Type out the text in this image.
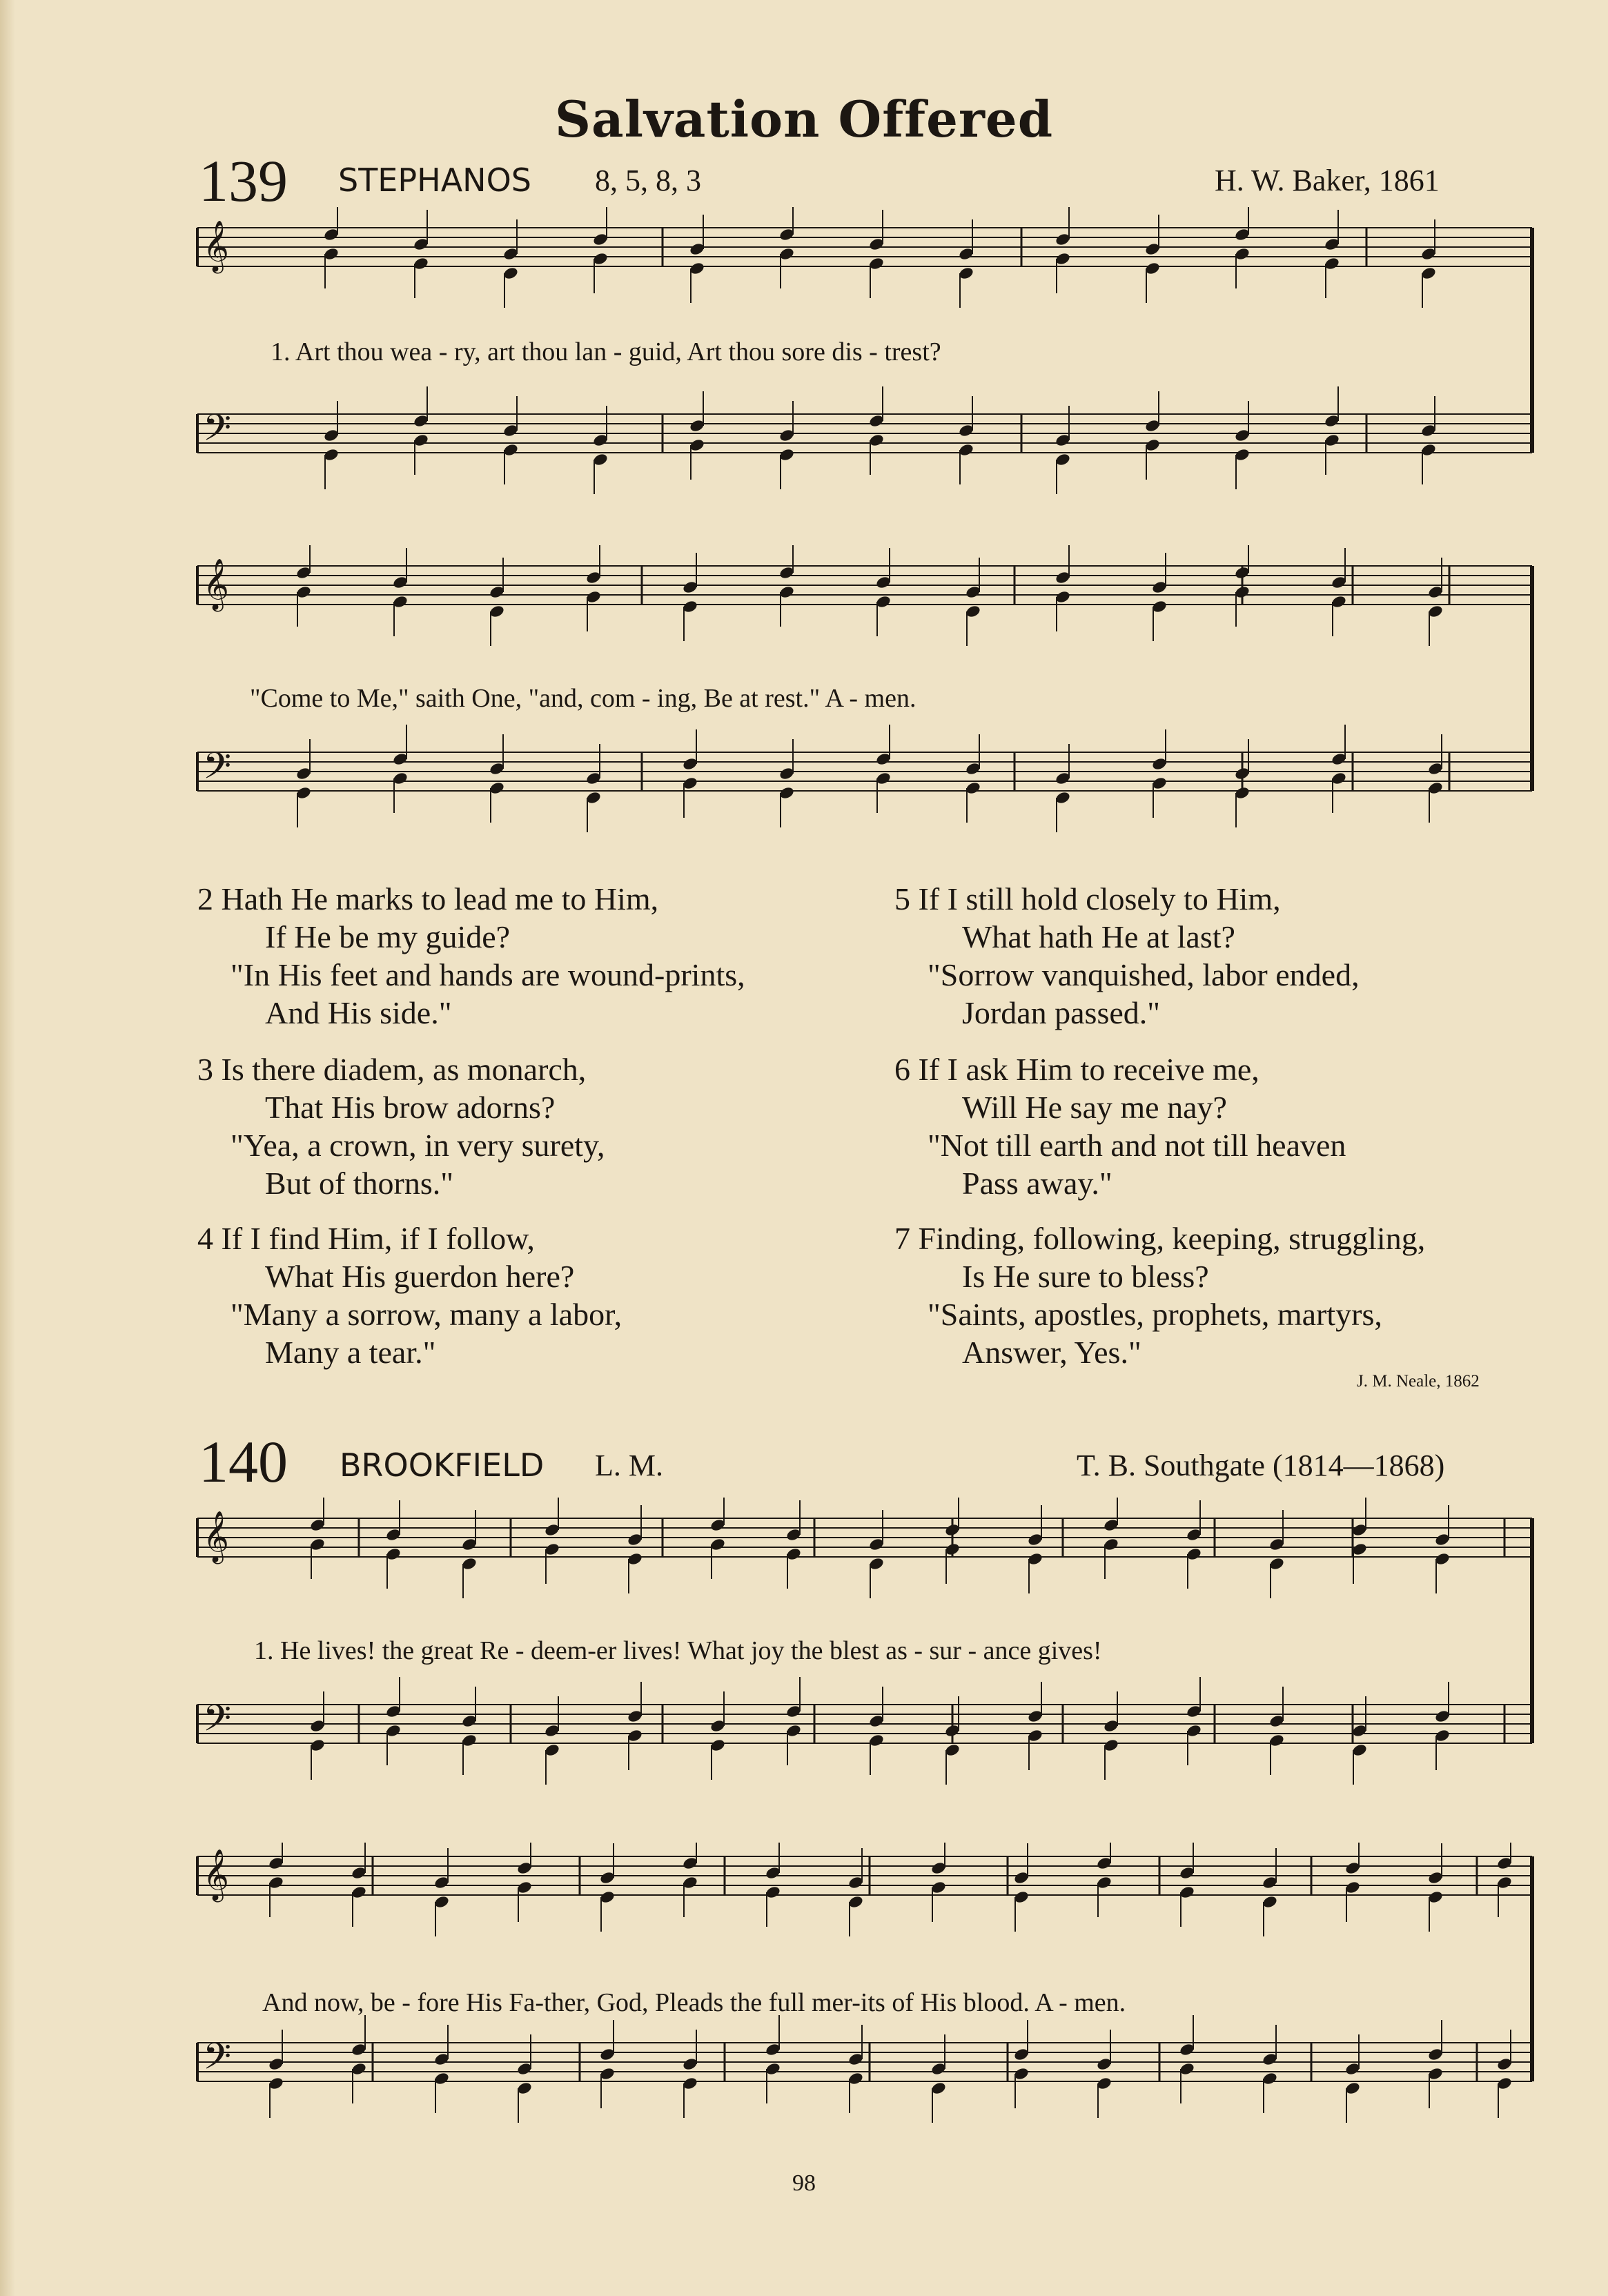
Salvation Offered
139 STEPHANOS 8, 5, 8, 3	H. W. Baker, 1861
𝄞
𝄢
1. Art thou wea - ry, art thou lan - guid, Art thou sore dis - trest?
𝄞
𝄢
"Come to Me," saith One, "and, com - ing, Be at rest." A - men.
2 Hath He marks to lead me to Him,
If He be my guide?
"In His feet and hands are wound-prints,
And His side."
3 Is there diadem, as monarch,
That His brow adorns?
"Yea, a crown, in very surety,
But of thorns."
4 If I find Him, if I follow,
What His guerdon here?
"Many a sorrow, many a labor,
Many a tear."
5 If I still hold closely to Him,
What hath He at last?
"Sorrow vanquished, labor ended,
Jordan passed."
6 If I ask Him to receive me,
Will He say me nay?
"Not till earth and not till heaven
Pass away."
7 Finding, following, keeping, struggling,
Is He sure to bless?
"Saints, apostles, prophets, martyrs,
Answer, Yes."
J. M. Neale, 1862
140 BROOKFIELD L. M.	T. B. Southgate (1814—1868)
𝄞
𝄢
1. He lives! the great Re - deem-er lives! What joy the blest as - sur - ance gives!
𝄞
𝄢
And now, be - fore His Fa-ther, God, Pleads the full mer-its of His blood. A - men.
98
